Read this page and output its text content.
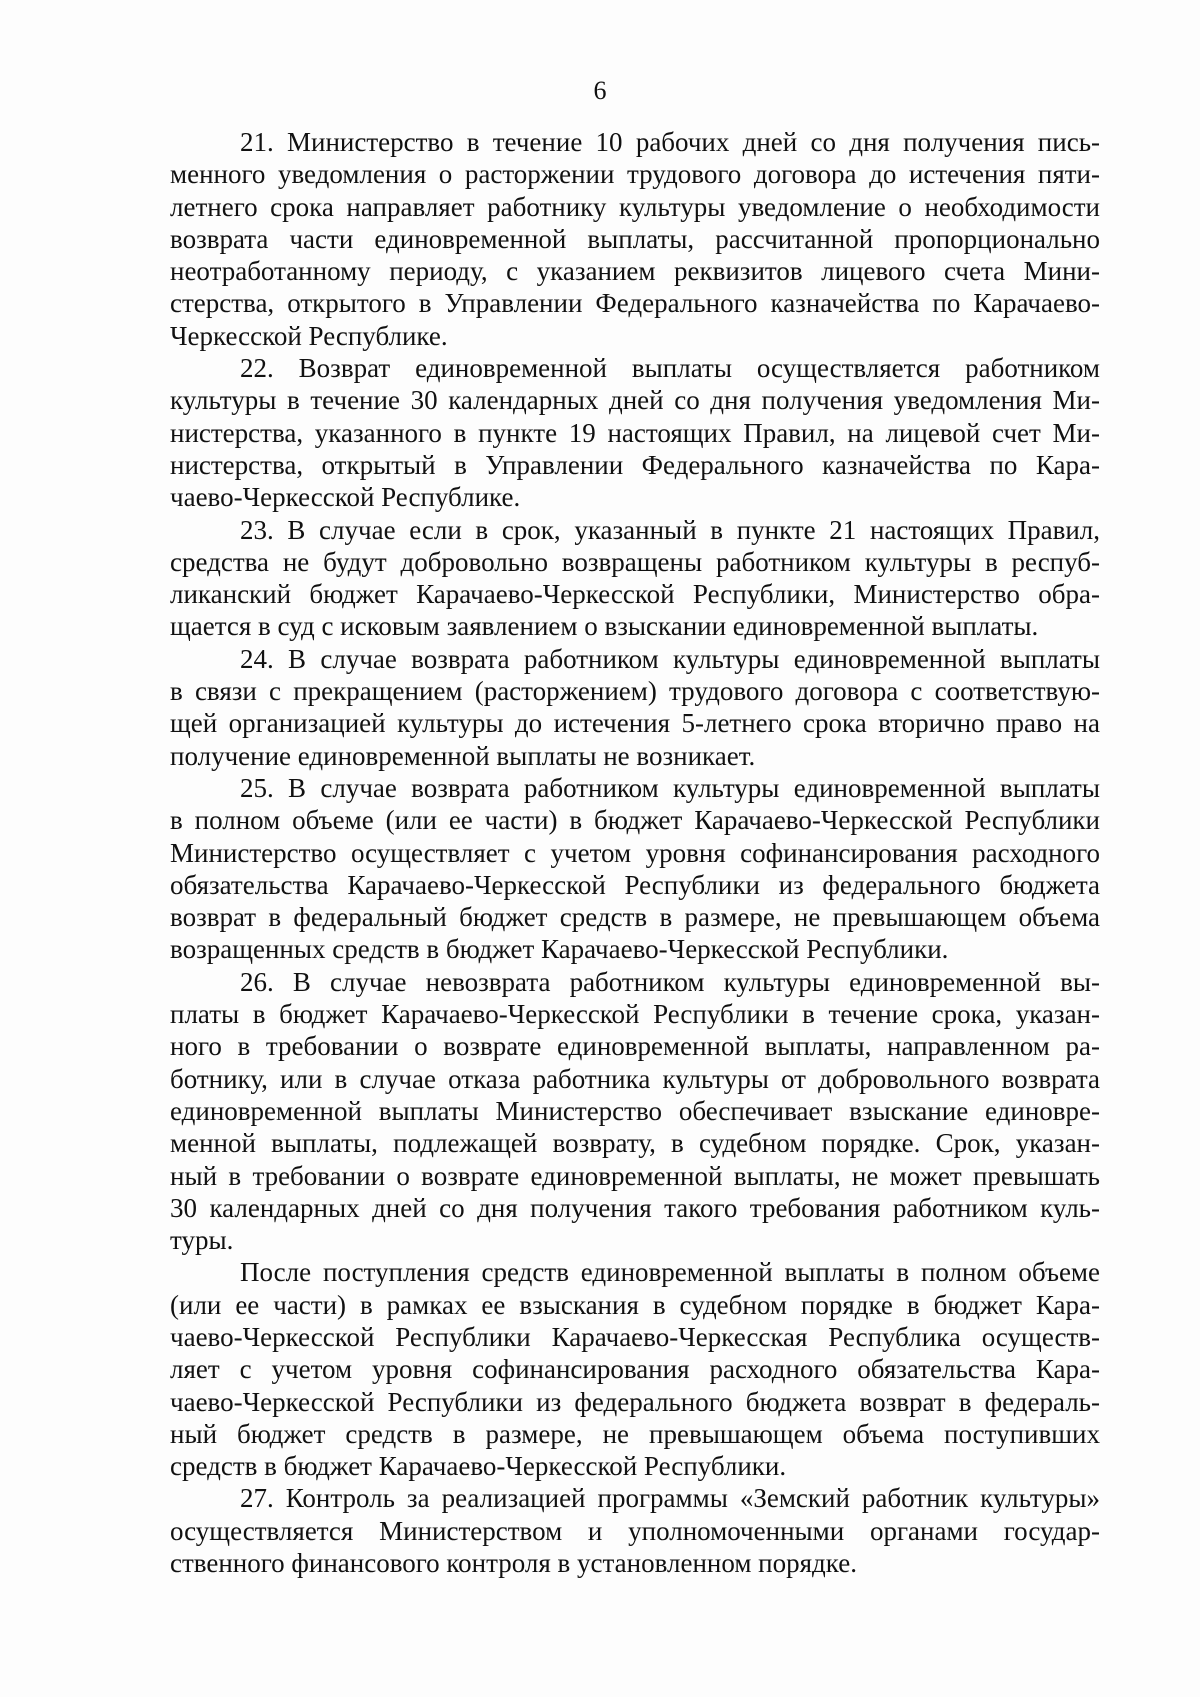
6
21. Министерство в течение 10 рабочих дней со дня получения пись-
менного уведомления о расторжении трудового договора до истечения пяти-
летнего срока направляет работнику культуры уведомление о необходимости
возврата части единовременной выплаты, рассчитанной пропорционально
неотработанному периоду, с указанием реквизитов лицевого счета Мини-
стерства, открытого в Управлении Федерального казначейства по Карачаево-
Черкесской Республике.
22. Возврат единовременной выплаты осуществляется работником
культуры в течение 30 календарных дней со дня получения уведомления Ми-
нистерства, указанного в пункте 19 настоящих Правил, на лицевой счет Ми-
нистерства, открытый в Управлении Федерального казначейства по Кара-
чаево-Черкесской Республике.
23. В случае если в срок, указанный в пункте 21 настоящих Правил,
средства не будут добровольно возвращены работником культуры в респуб-
ликанский бюджет Карачаево-Черкесской Республики, Министерство обра-
щается в суд с исковым заявлением о взыскании единовременной выплаты.
24. В случае возврата работником культуры единовременной выплаты
в связи с прекращением (расторжением) трудового договора с соответствую-
щей организацией культуры до истечения 5-летнего срока вторично право на
получение единовременной выплаты не возникает.
25. В случае возврата работником культуры единовременной выплаты
в полном объеме (или ее части) в бюджет Карачаево-Черкесской Республики
Министерство осуществляет с учетом уровня софинансирования расходного
обязательства Карачаево-Черкесской Республики из федерального бюджета
возврат в федеральный бюджет средств в размере, не превышающем объема
возращенных средств в бюджет Карачаево-Черкесской Республики.
26. В случае невозврата работником культуры единовременной вы-
платы в бюджет Карачаево-Черкесской Республики в течение срока, указан-
ного в требовании о возврате единовременной выплаты, направленном ра-
ботнику, или в случае отказа работника культуры от добровольного возврата
единовременной выплаты Министерство обеспечивает взыскание единовре-
менной выплаты, подлежащей возврату, в судебном порядке. Срок, указан-
ный в требовании о возврате единовременной выплаты, не может превышать
30 календарных дней со дня получения такого требования работником куль-
туры.
После поступления средств единовременной выплаты в полном объеме
(или ее части) в рамках ее взыскания в судебном порядке в бюджет Кара-
чаево-Черкесской Республики Карачаево-Черкесская Республика осуществ-
ляет с учетом уровня софинансирования расходного обязательства Кара-
чаево-Черкесской Республики из федерального бюджета возврат в федераль-
ный бюджет средств в размере, не превышающем объема поступивших
средств в бюджет Карачаево-Черкесской Республики.
27. Контроль за реализацией программы «Земский работник культуры»
осуществляется Министерством и уполномоченными органами государ-
ственного финансового контроля в установленном порядке.
